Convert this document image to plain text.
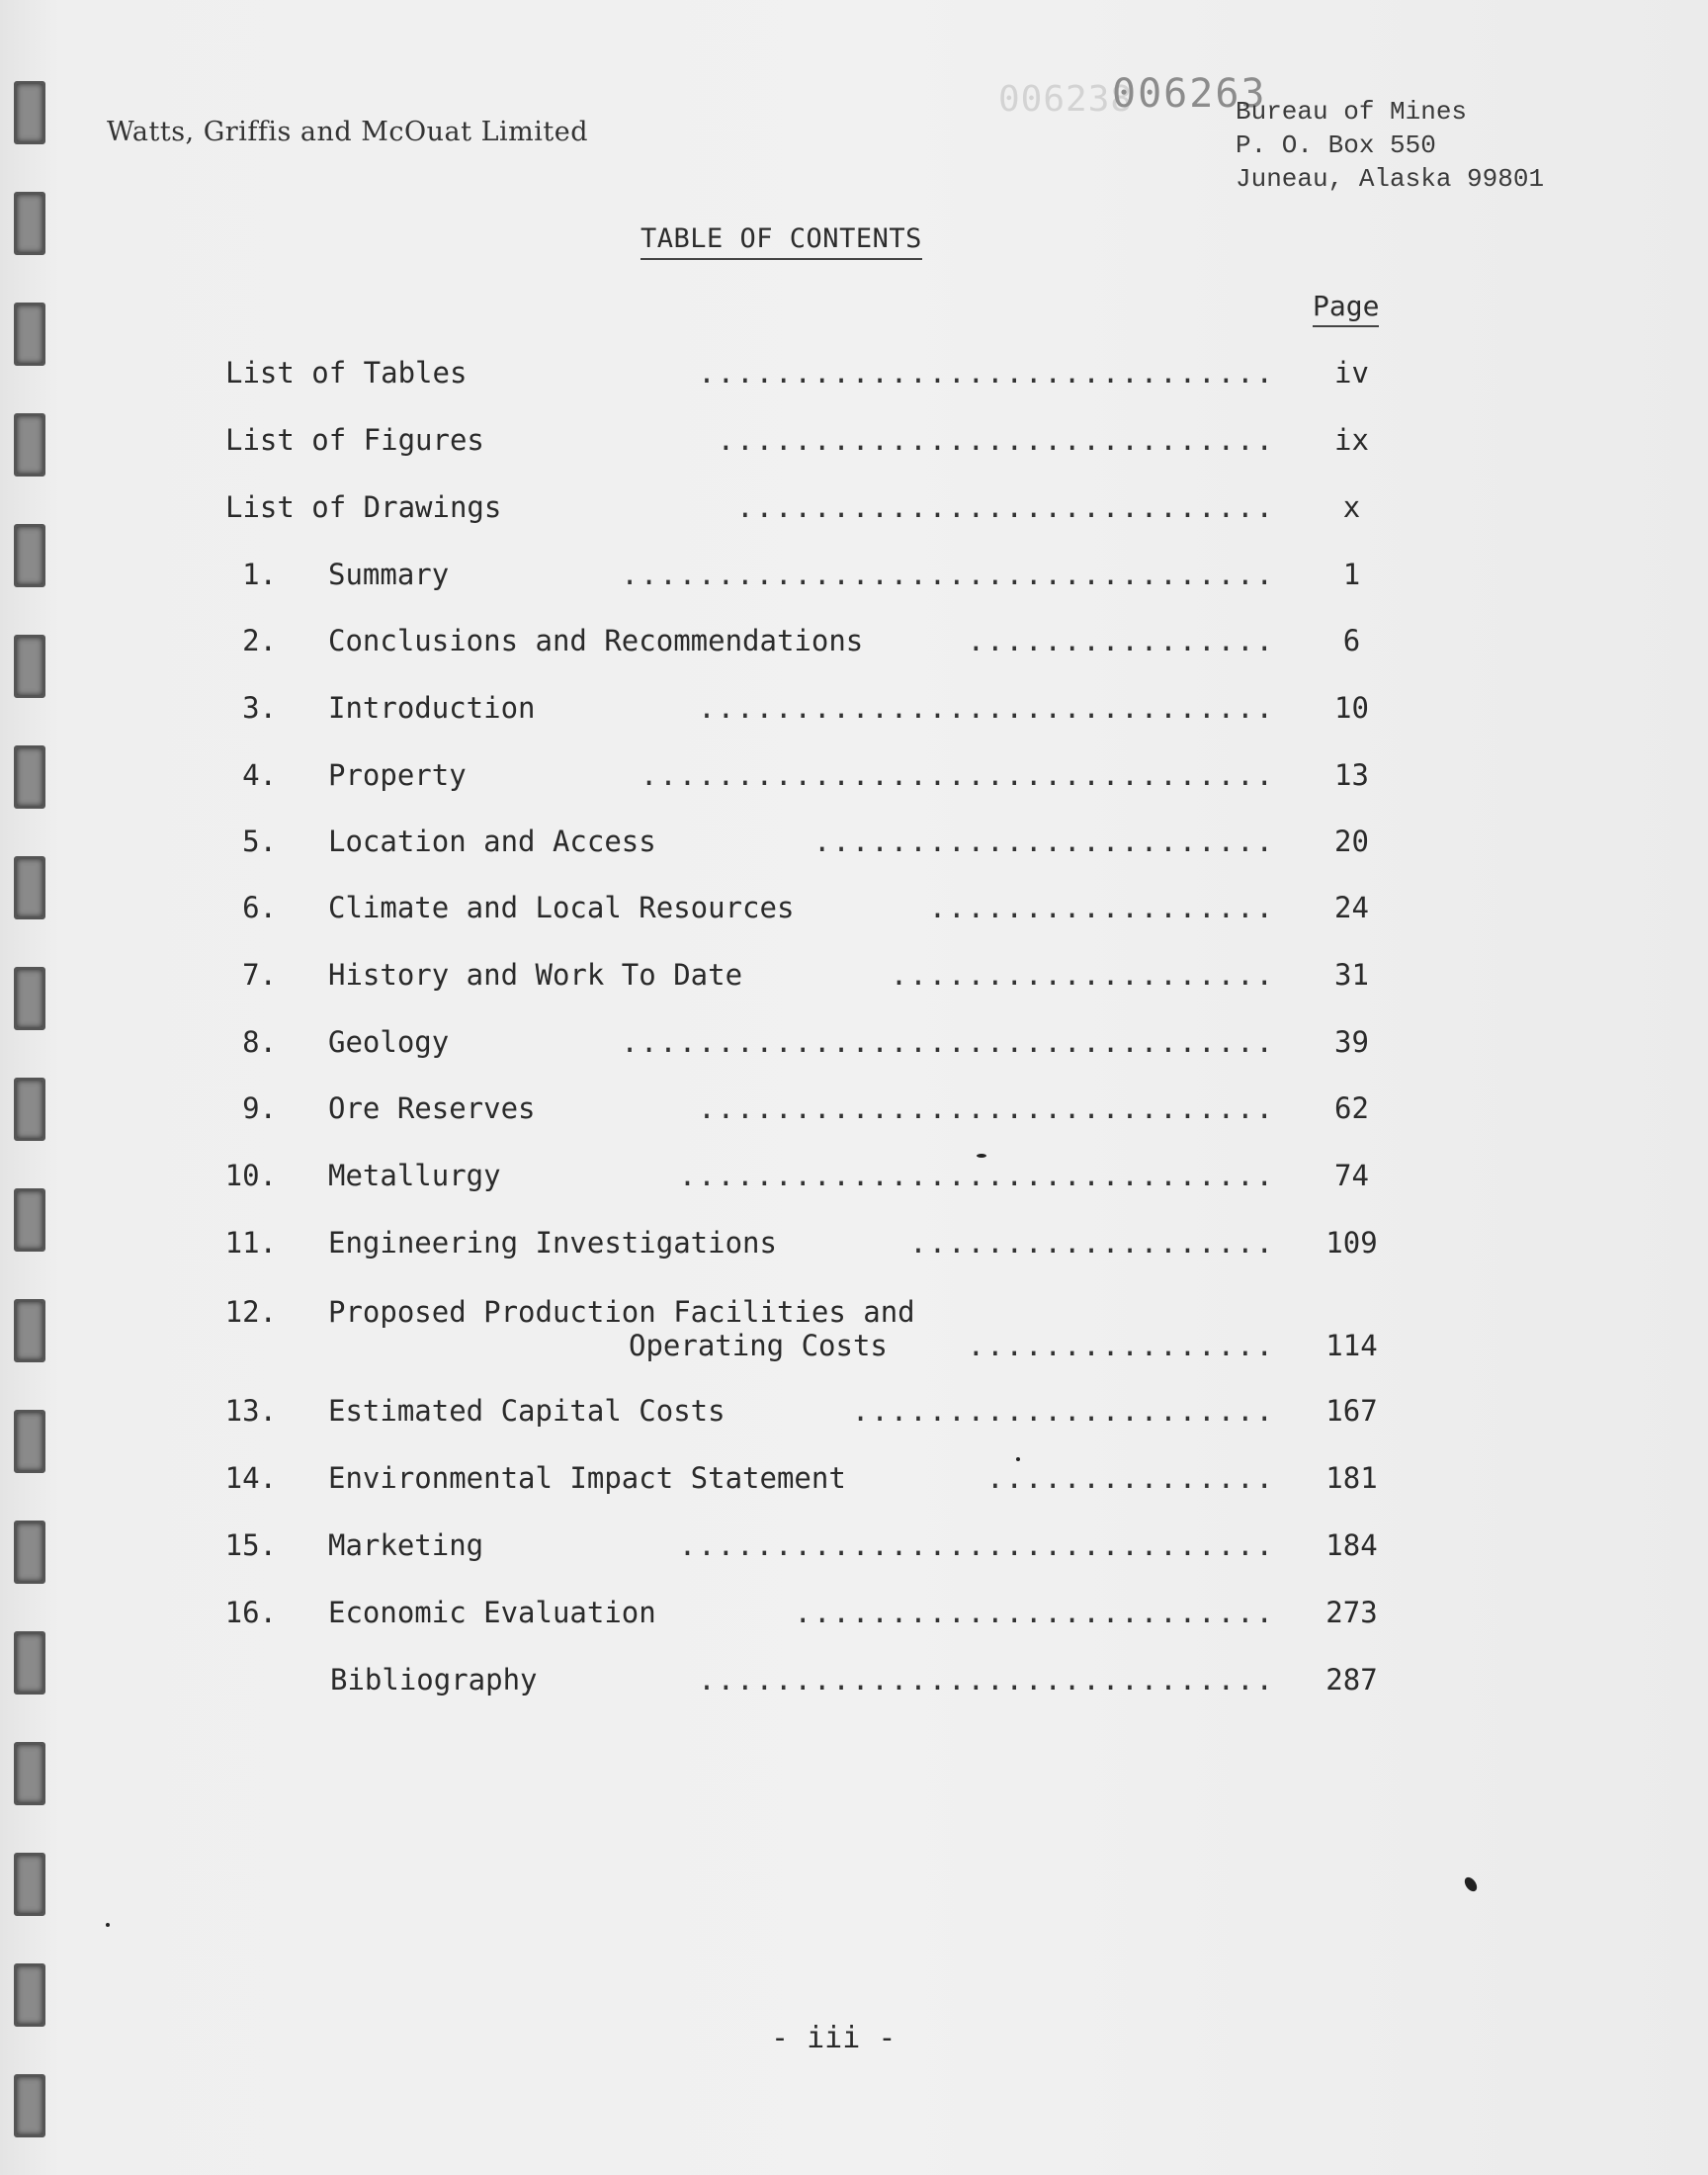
Watts, Griffis and McOuat Limited
006238
006263
Bureau of Mines
P. O. Box 550
Juneau, Alaska 99801
TABLE OF CONTENTS
Page
List of Tables	..............................	iv
List of Figures	.............................	ix
List of Drawings	............................	x
1. Summary	..................................	1
2. Conclusions and Recommendations	................	6
3. Introduction	..............................	10
4. Property	.................................	13
5. Location and Access	........................	20
6. Climate and Local Resources	..................	24
7. History and Work To Date	....................	31
8. Geology	..................................	39
9. Ore Reserves	..............................	62
10. Metallurgy	...............................	74
11. Engineering Investigations	...................	109
12. Proposed Production Facilities and
Operating Costs	................	114
13. Estimated Capital Costs	......................	167
14. Environmental Impact Statement	...............	181
15. Marketing	...............................	184
16. Economic Evaluation	.........................	273
Bibliography	..............................	287
- iii -
